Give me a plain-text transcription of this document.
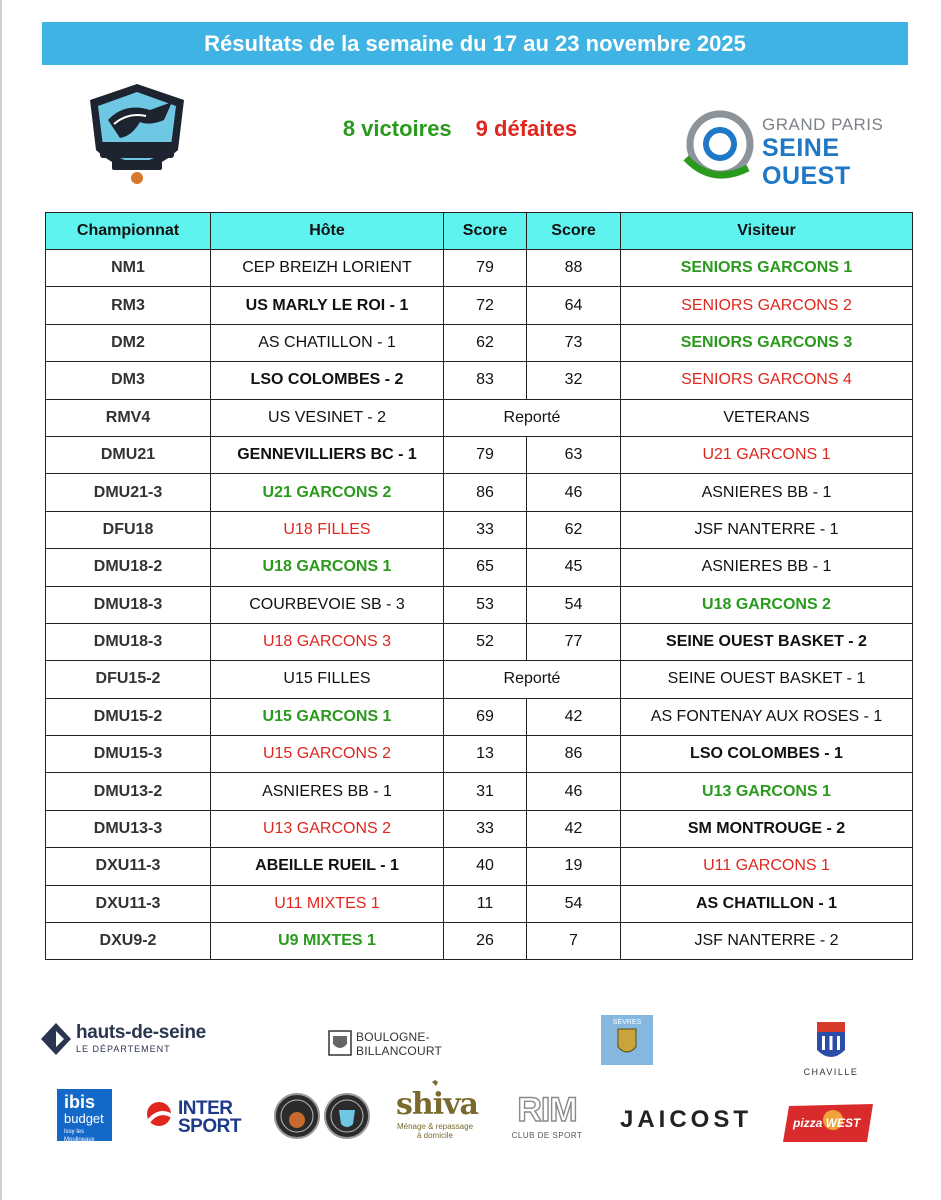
Résultats de la semaine du 17 au 23 novembre 2025
8 victoires 9 défaites	GRAND PARIS
SEINE OUEST
Championnat	Hôte	Score	Score	Visiteur
NM1	CEP BREIZH LORIENT	79	88	SENIORS GARCONS 1
RM3	US MARLY LE ROI - 1	72	64	SENIORS GARCONS 2
DM2	AS CHATILLON - 1	62	73	SENIORS GARCONS 3
DM3	LSO COLOMBES - 2	83	32	SENIORS GARCONS 4
RMV4	US VESINET - 2	Reporté		VETERANS
DMU21	GENNEVILLIERS BC - 1	79	63	U21 GARCONS 1
DMU21-3	U21 GARCONS 2	86	46	ASNIERES BB - 1
DFU18	U18 FILLES	33	62	JSF NANTERRE - 1
DMU18-2	U18 GARCONS 1	65	45	ASNIERES BB - 1
DMU18-3	COURBEVOIE SB - 3	53	54	U18 GARCONS 2
DMU18-3	U18 GARCONS 3	52	77	SEINE OUEST BASKET - 2
DFU15-2	U15 FILLES	Reporté		SEINE OUEST BASKET - 1
DMU15-2	U15 GARCONS 1	69	42	AS FONTENAY AUX ROSES - 1
DMU15-3	U15 GARCONS 2	13	86	LSO COLOMBES - 1
DMU13-2	ASNIERES BB - 1	31	46	U13 GARCONS 1
DMU13-3	U13 GARCONS 2	33	42	SM MONTROUGE - 2
DXU11-3	ABEILLE RUEIL - 1	40	19	U11 GARCONS 1
DXU11-3	U11 MIXTES 1	11	54	AS CHATILLON - 1
DXU9-2	U9 MIXTES 1	26	7	JSF NANTERRE - 2
hauts-de-seine
LE DÉPARTEMENT
BOULOGNE-
BILLANCOURT
SÈVRES
CHAVILLE
ibis
budget
Issy les Moulineaux
INTER
SPORT
shiva
Ménage & repassage
à domicile
RIM
CLUB DE SPORT
JAICOST	pizza WEST
